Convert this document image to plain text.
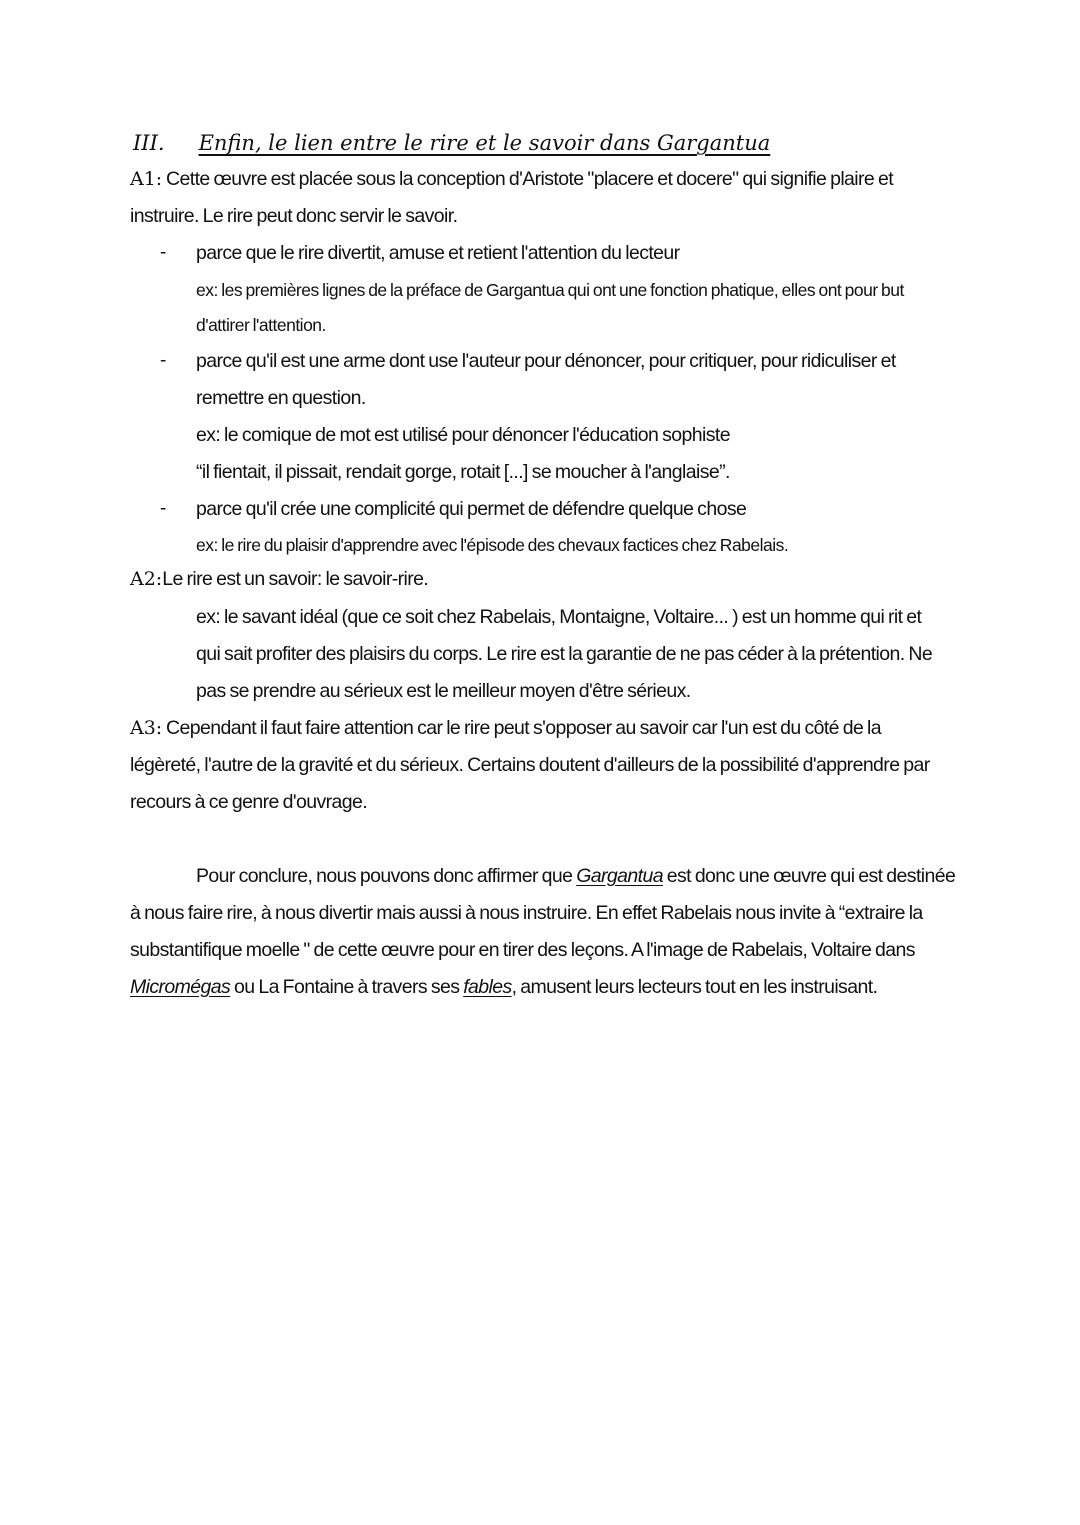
III. Enfin, le lien entre le rire et le savoir dans Gargantua
A1: Cette œuvre est placée sous la conception d'Aristote "placere et docere" qui signifie plaire et
instruire. Le rire peut donc servir le savoir.
- parce que le rire divertit, amuse et retient l'attention du lecteur
ex: les premières lignes de la préface de Gargantua qui ont une fonction phatique, elles ont pour but
d'attirer l'attention.
- parce qu'il est une arme dont use l'auteur pour dénoncer, pour critiquer, pour ridiculiser et
remettre en question.
ex: le comique de mot est utilisé pour dénoncer l'éducation sophiste
“il fientait, il pissait, rendait gorge, rotait [...] se moucher à l'anglaise”.
- parce qu'il crée une complicité qui permet de défendre quelque chose
ex: le rire du plaisir d'apprendre avec l'épisode des chevaux factices chez Rabelais.
A2:Le rire est un savoir: le savoir-rire.
ex: le savant idéal (que ce soit chez Rabelais, Montaigne, Voltaire... ) est un homme qui rit et
qui sait profiter des plaisirs du corps. Le rire est la garantie de ne pas céder à la prétention. Ne
pas se prendre au sérieux est le meilleur moyen d'être sérieux.
A3: Cependant il faut faire attention car le rire peut s'opposer au savoir car l'un est du côté de la
légèreté, l'autre de la gravité et du sérieux. Certains doutent d'ailleurs de la possibilité d'apprendre par
recours à ce genre d'ouvrage.
Pour conclure, nous pouvons donc affirmer que Gargantua est donc une œuvre qui est destinée
à nous faire rire, à nous divertir mais aussi à nous instruire. En effet Rabelais nous invite à “extraire la
substantifique moelle " de cette œuvre pour en tirer des leçons. A l'image de Rabelais, Voltaire dans
Micromégas ou La Fontaine à travers ses fables, amusent leurs lecteurs tout en les instruisant.
